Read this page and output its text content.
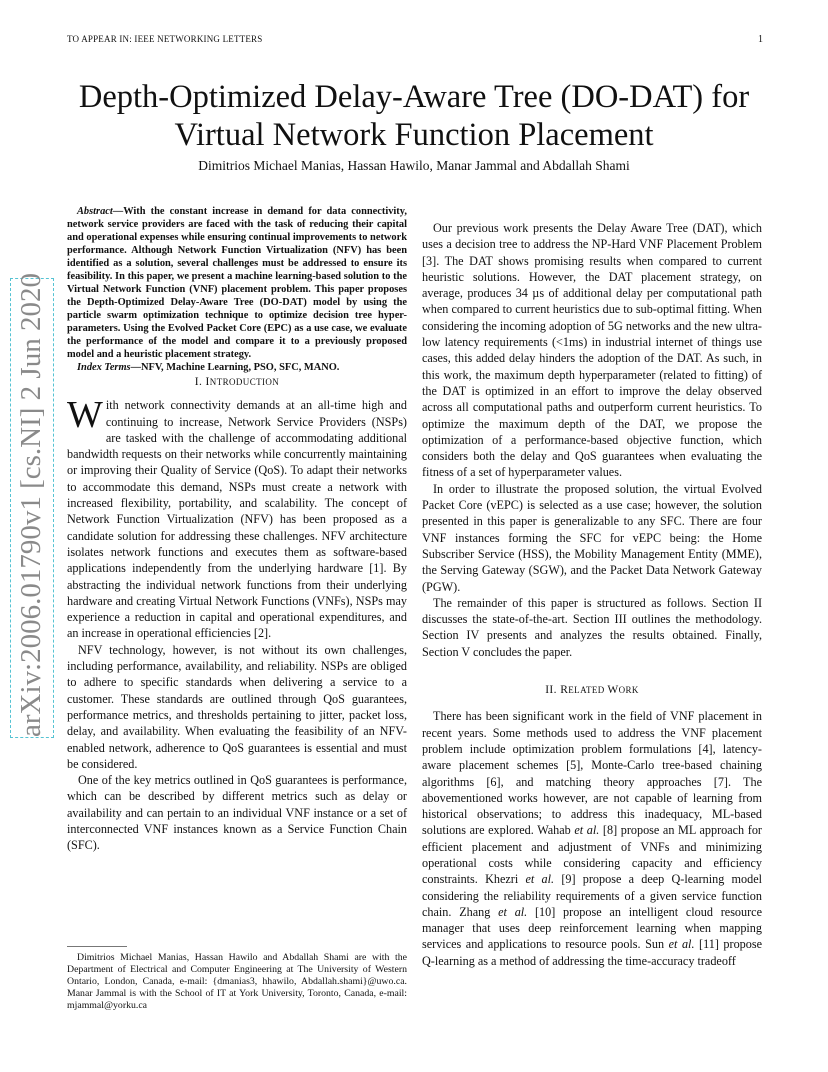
TO APPEAR IN: IEEE NETWORKING LETTERS	1
arXiv:2006.01790v1 [cs.NI] 2 Jun 2020
Depth-Optimized Delay-Aware Tree (DO-DAT) for
Virtual Network Function Placement
Dimitrios Michael Manias, Hassan Hawilo, Manar Jammal and Abdallah Shami

Abstract—With the constant increase in demand for data connectivity, network service providers are faced with the task of reducing their capital and operational expenses while ensuring continual improvements to network performance. Although Network Function Virtualization (NFV) has been identified as a solution, several challenges must be addressed to ensure its feasibility. In this paper, we present a machine learning-based solution to the Virtual Network Function (VNF) placement problem. This paper proposes the Depth-Optimized Delay-Aware Tree (DO-DAT) model by using the particle swarm optimization technique to optimize decision tree hyper-parameters. Using the Evolved Packet Core (EPC) as a use case, we evaluate the performance of the model and compare it to a previously proposed model and a heuristic placement strategy.

Index Terms—NFV, Machine Learning, PSO, SFC, MANO.

I. INTRODUCTION

With network connectivity demands at an all-time high and continuing to increase, Network Service Providers (NSPs) are tasked with the challenge of accommodating additional bandwidth requests on their networks while concurrently maintaining or improving their Quality of Service (QoS). To adapt their networks to accommodate this demand, NSPs must create a network with increased flexibility, portability, and scalability. The concept of Network Function Virtualization (NFV) has been proposed as a candidate solution for addressing these challenges. NFV architecture isolates network functions and executes them as software-based applications independently from the underlying hardware [1]. By abstracting the individual network functions from their underlying hardware and creating Virtual Network Functions (VNFs), NSPs may experience a reduction in capital and operational expenditures, and an increase in operational efficiencies [2].

NFV technology, however, is not without its own challenges, including performance, availability, and reliability. NSPs are obliged to adhere to specific standards when delivering a service to a customer. These standards are outlined through QoS guarantees, performance metrics, and thresholds pertaining to jitter, packet loss, delay, and availability. When evaluating the feasibility of an NFV-enabled network, adherence to QoS guarantees is essential and must be considered.

One of the key metrics outlined in QoS guarantees is performance, which can be described by different metrics such as delay or availability and can pertain to an individual VNF instance or a set of interconnected VNF instances known as a Service Function Chain (SFC).

Dimitrios Michael Manias, Hassan Hawilo and Abdallah Shami are with the Department of Electrical and Computer Engineering at The University of Western Ontario, London, Canada, e-mail: {dmanias3, hhawilo, Abdallah.shami}@uwo.ca. Manar Jammal is with the School of IT at York University, Toronto, Canada, e-mail: mjammal@yorku.ca

Our previous work presents the Delay Aware Tree (DAT), which uses a decision tree to address the NP-Hard VNF Placement Problem [3]. The DAT shows promising results when compared to current heuristic solutions. However, the DAT placement strategy, on average, produces 34 µs of additional delay per computational path when compared to current heuristics due to sub-optimal fitting. When considering the incoming adoption of 5G networks and the new ultra-low latency requirements (<1ms) in industrial internet of things use cases, this added delay hinders the adoption of the DAT. As such, in this work, the maximum depth hyperparameter (related to fitting) of the DAT is optimized in an effort to improve the delay observed across all computational paths and outperform current heuristics. To optimize the maximum depth of the DAT, we propose the optimization of a performance-based objective function, which considers both the delay and QoS guarantees when evaluating the fitness of a set of hyperparameter values.

In order to illustrate the proposed solution, the virtual Evolved Packet Core (vEPC) is selected as a use case; however, the solution presented in this paper is generalizable to any SFC. There are four VNF instances forming the SFC for vEPC being: the Home Subscriber Service (HSS), the Mobility Management Entity (MME), the Serving Gateway (SGW), and the Packet Data Network Gateway (PGW).

The remainder of this paper is structured as follows. Section II discusses the state-of-the-art. Section III outlines the methodology. Section IV presents and analyzes the results obtained. Finally, Section V concludes the paper.

II. RELATED WORK

There has been significant work in the field of VNF placement in recent years. Some methods used to address the VNF placement problem include optimization problem formulations [4], latency-aware placement schemes [5], Monte-Carlo tree-based chaining algorithms [6], and matching theory approaches [7]. The abovementioned works however, are not capable of learning from historical observations; to address this inadequacy, ML-based solutions are explored. Wahab et al. [8] propose an ML approach for efficient placement and adjustment of VNFs and minimizing operational costs while considering capacity and efficiency constraints. Khezri et al. [9] propose a deep Q-learning model considering the reliability requirements of a given service function chain. Zhang et al. [10] propose an intelligent cloud resource manager that uses deep reinforcement learning when mapping services and applications to resource pools. Sun et al. [11] propose Q-learning as a method of addressing the time-accuracy tradeoff
